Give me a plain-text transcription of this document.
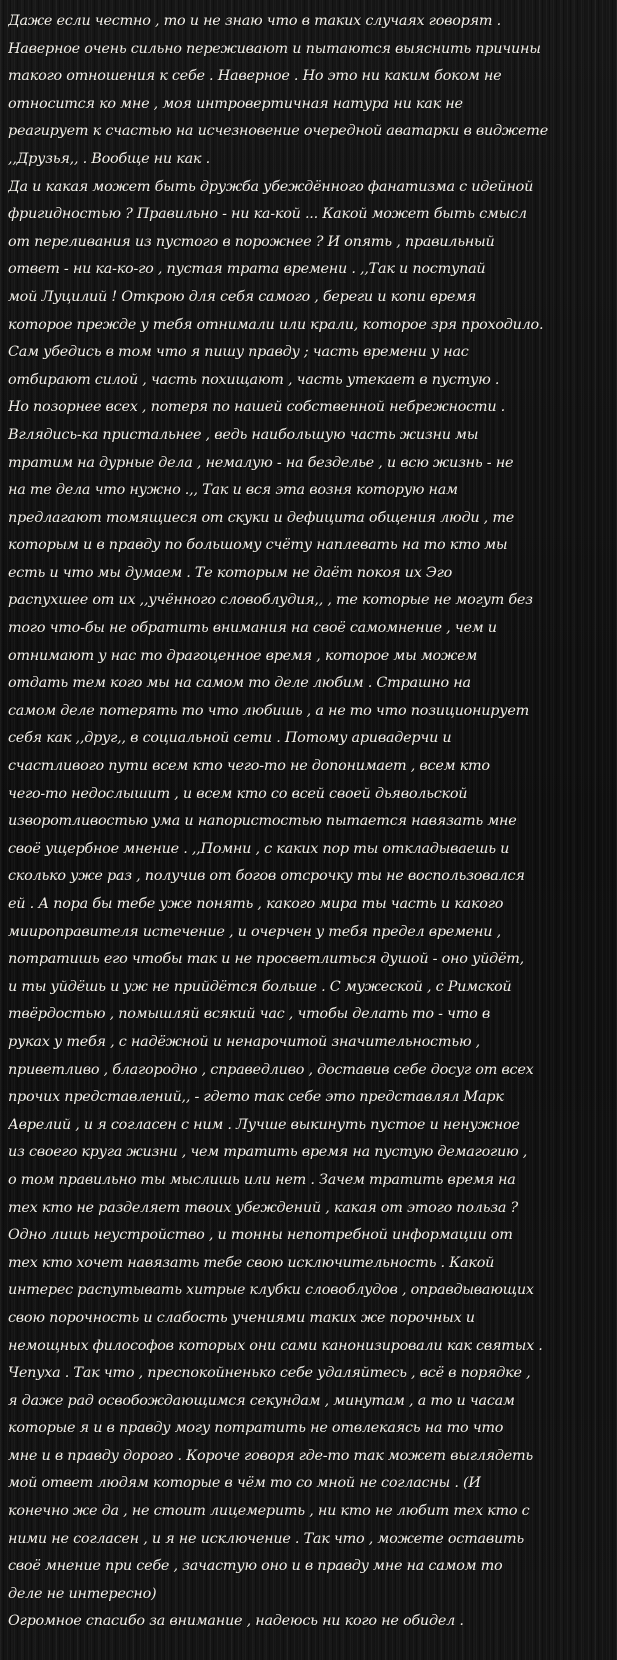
Даже если честно , то и не знаю что в таких случаях говорят .
Наверное очень сильно переживают и пытаются выяснить причины
такого отношения к себе . Наверное . Но это ни каким боком не
относится ко мне , моя интровертичная натура ни как не
реагирует к счастью на исчезновение очередной аватарки в виджете
,,Друзья,, . Вообще ни как .
Да и какая может быть дружба убеждённого фанатизма с идейной
фригидностью ? Правильно - ни ка-кой ... Какой может быть смысл
от переливания из пустого в порожнее ? И опять , правильный
ответ - ни ка-ко-го , пустая трата времени . ,,Так и поступай
мой Луцилий ! Открою для себя самого , береги и копи время
которое прежде у тебя отнимали или крали, которое зря проходило.
Сам убедись в том что я пишу правду ; часть времени у нас
отбирают силой , часть похищают , часть утекает в пустую .
Но позорнее всех , потеря по нашей собственной небрежности .
Вглядись-ка пристальнее , ведь наибольшую часть жизни мы
тратим на дурные дела , немалую - на безделье , и всю жизнь - не
на те дела что нужно .,, Так и вся эта возня которую нам
предлагают томящиеся от скуки и дефицита общения люди , те
которым и в правду по большому счёту наплевать на то кто мы
есть и что мы думаем . Те которым не даёт покоя их Эго
распухшее от их ,,учённого словоблудия,, , те которые не могут без
того что-бы не обратить внимания на своё самомнение , чем и
отнимают у нас то драгоценное время , которое мы можем
отдать тем кого мы на самом то деле любим . Страшно на
самом деле потерять то что любишь , а не то что позиционирует
себя как ,,друг,, в социальной сети . Потому аривадерчи и
счастливого пути всем кто чего-то не допонимает , всем кто
чего-то недослышит , и всем кто со всей своей дьявольской
изворотливостью ума и напористостью пытается навязать мне
своё ущербное мнение . ,,Помни , с каких пор ты откладываешь и
сколько уже раз , получив от богов отсрочку ты не воспользовался
ей . А пора бы тебе уже понять , какого мира ты часть и какого
миироправителя истечение , и очерчен у тебя предел времени ,
потратишь его чтобы так и не просветлиться душой - оно уйдёт,
и ты уйдёшь и уж не прийдётся больше . С мужеской , с Римской
твёрдостью , помышляй всякий час , чтобы делать то - что в
руках у тебя , с надёжной и ненарочитой значительностью ,
приветливо , благородно , справедливо , доставив себе досуг от всех
прочих представлений,, - гдето так себе это представлял Марк
Аврелий , и я согласен с ним . Лучше выкинуть пустое и ненужное
из своего круга жизни , чем тратить время на пустую демагогию ,
о том правильно ты мыслишь или нет . Зачем тратить время на
тех кто не разделяет твоих убеждений , какая от этого польза ?
Одно лишь неустройство , и тонны непотребной информации от
тех кто хочет навязать тебе свою исключительность . Какой
интерес распутывать хитрые клубки словоблудов , оправдывающих
свою порочность и слабость учениями таких же порочных и
немощных философов которых они сами канонизировали как святых .
Чепуха . Так что , преспокойненько себе удаляйтесь , всё в порядке ,
я даже рад освобождающимся секундам , минутам , а то и часам
которые я и в правду могу потратить не отвлекаясь на то что
мне и в правду дорого . Короче говоря где-то так может выглядеть
мой ответ людям которые в чём то со мной не согласны . (И
конечно же да , не стоит лицемерить , ни кто не любит тех кто с
ними не согласен , и я не исключение . Так что , можете оставить
своё мнение при себе , зачастую оно и в правду мне на самом то
деле не интересно)
Огромное спасибо за внимание , надеюсь ни кого не обидел .
